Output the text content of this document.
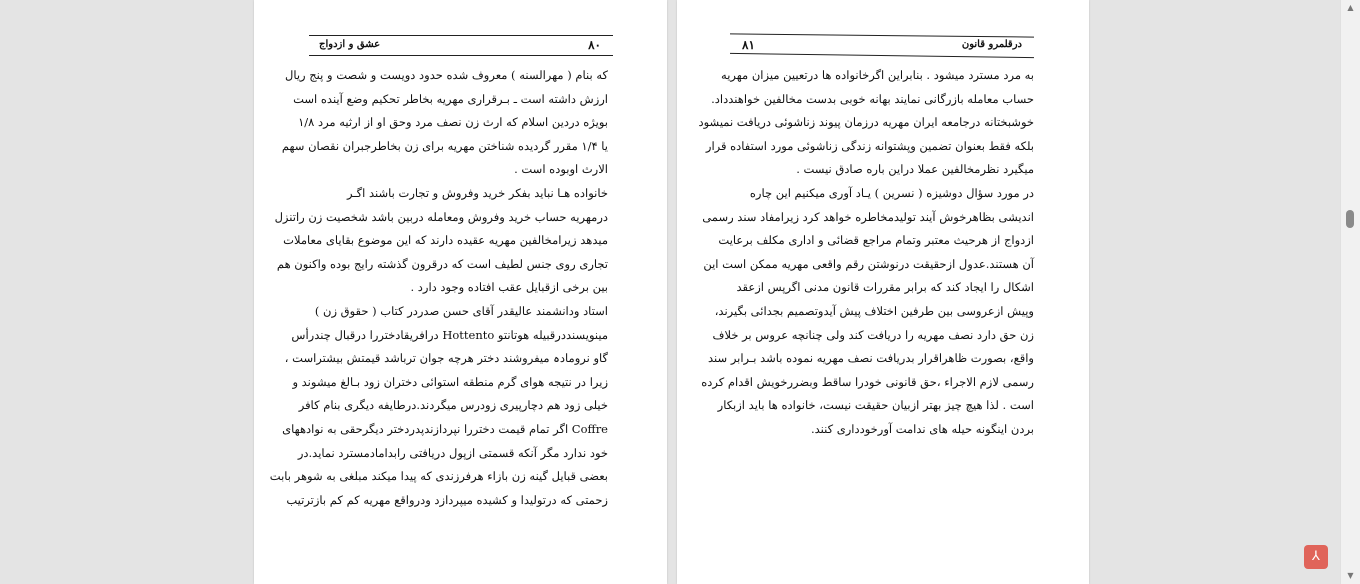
عشق و ازدواج	۸۰
که بنام ( مهرالسنه ) معروف شده حدود دویست و شصت و پنج ریال
ارزش داشته است ـ بـرقراری مهریه بخاطر تحکیم وضع آینده است
بویژه دردین اسلام که ارث زن نصف مرد وحق او از ارثیه مرد ۱/۸
یا ۱/۴ مقرر گردیده شناختن مهریه برای زن بخاطرجبران نقصان سهم
الارث اوبوده است .
خانواده هـا نباید بفکر خرید وفروش و تجارت باشند اگـر
درمهریه حساب خرید وفروش ومعامله دربین باشد شخصیت زن راتنزل
میدهد زیرامخالفین مهریه عقیده دارند که این موضوع بقایای معاملات
تجاری روی جنس لطیف است که درقرون گذشته رایج بوده واکنون هم
بین برخی ازقبایل عقب افتاده وجود دارد .
استاد ودانشمند عالیقدر آقای حسن صدردر کتاب ( حقوق زن )
مینویسنددرقبیله هوتانتو Hottento درافریقادختررا درقبال چندرأس
گاو نرومادہ میفروشند دختر هرچه جوان ترباشد قیمتش بیشتراست ،
زیرا در نتیجه هوای گرم منطقه استوائی دختران زود بـالغ میشوند و
خیلی زود هم دچارپیری زودرس میگردند.درطایفه دیگری بنام کافر
Coffre اگر تمام قیمت دختررا نپردازندپدردختر دیگرحقی به نوادههای
خود ندارد مگر آنکه قسمتی ازپول دریافتی رابدامادمسترد نماید.در
بعضی قبایل گینه زن بازاء هرفرزندی که پیدا میکند مبلغی به شوهر بابت
زحمتی که درتولیدا و کشیده میپردازد ودرواقع مهریه کم کم بازترتیب
درقلمرو قانون
۸۱
به مرد مسترد میشود . بنابراین اگرخانواده ها درتعیین میزان مهریه
حساب معامله بازرگانی نمایند بهانه خوبی بدست مخالفین خواهندداد.
خوشبختانه درجامعه ایران مهریه درزمان پیوند زناشوئی دریافت نمیشود
بلکه فقط بعنوان تضمین وپشتوانه زندگی زناشوئی مورد استفاده قرار
میگیرد نظرمخالفین عملا دراین باره صادق نیست .
در مورد سؤال دوشیزه ( نسرین ) یـاد آوری میکنیم این چاره
اندیشی بظاهرخوش آیند تولیدمخاطره خواهد کرد زیرامفاد سند رسمی
ازدواج از هرحیث معتبر وتمام مراجع قضائی و اداری مکلف برعایت
آن هستند.عدول ازحقیقت درنوشتن رقم واقعی مهریه ممکن است این
اشکال را ایجاد کند که برابر مقررات قانون مدنی اگرپس ازعقد
وپیش ازعروسی بین طرفین اختلاف پیش آیدوتصمیم بجدائی بگیرند،
زن حق دارد نصف مهریه را دریافت کند ولی چنانچه عروس بر خلاف
واقع، بصورت ظاهراقرار بدریافت نصف مهریه نموده باشد بـرابر سند
رسمی لازم الاجراء ،حق قانونی خودرا ساقط وبضررخویش اقدام کرده
است . لذا هیچ چیز بهتر ازبیان حقیقت نیست، خانواده ها باید ازبکار
بردن اینگونه حیله های ندامت آورخودداری کنند.
▲
▼
⅄
